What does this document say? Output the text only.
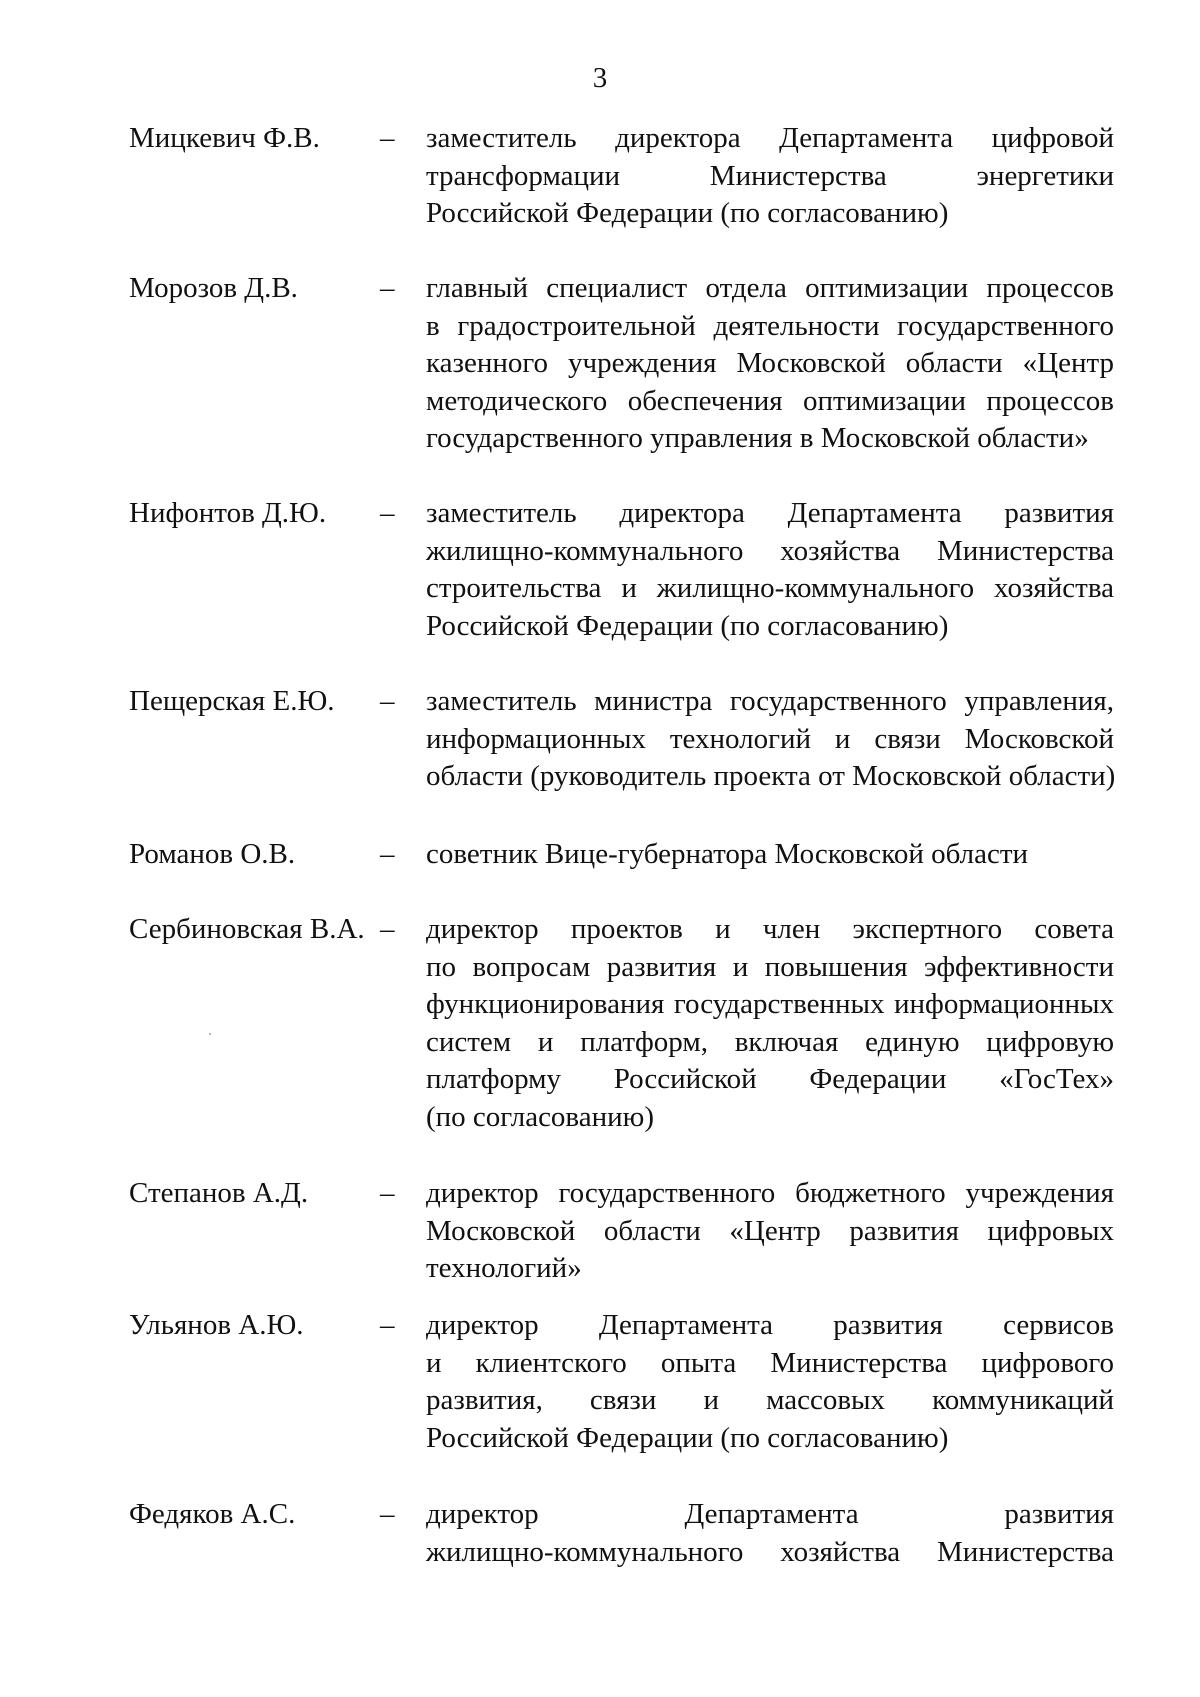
3
Мицкевич Ф.В. – заместитель директора Департамента цифровой
трансформации Министерства энергетики
Российской Федерации (по согласованию)
Морозов Д.В.	– главный специалист отдела оптимизации процессов
в градостроительной деятельности государственного
казенного учреждения Московской области «Центр
методического обеспечения оптимизации процессов
государственного управления в Московской области»
Нифонтов Д.Ю. – заместитель директора Департамента развития
жилищно-коммунального хозяйства Министерства
строительства и жилищно-коммунального хозяйства
Российской Федерации (по согласованию)
Пещерская Е.Ю. – заместитель министра государственного управления,
информационных технологий и связи Московской
области (руководитель проекта от Московской области)
Романов О.В.	– советник Вице-губернатора Московской области
Сербиновская В.А. – директор проектов и член экспертного совета
по вопросам развития и повышения эффективности
функционирования государственных информационных
систем и платформ, включая единую цифровую
платформу Российской Федерации «ГосТех»
(по согласованию)
Степанов А.Д. – директор государственного бюджетного учреждения
Московской области «Центр развития цифровых
технологий»
Ульянов А.Ю.	– директор Департамента развития сервисов
и клиентского опыта Министерства цифрового
развития, связи и массовых коммуникаций
Российской Федерации (по согласованию)
Федяков А.С.	– директор Департамента развития
жилищно-коммунального хозяйства Министерства
